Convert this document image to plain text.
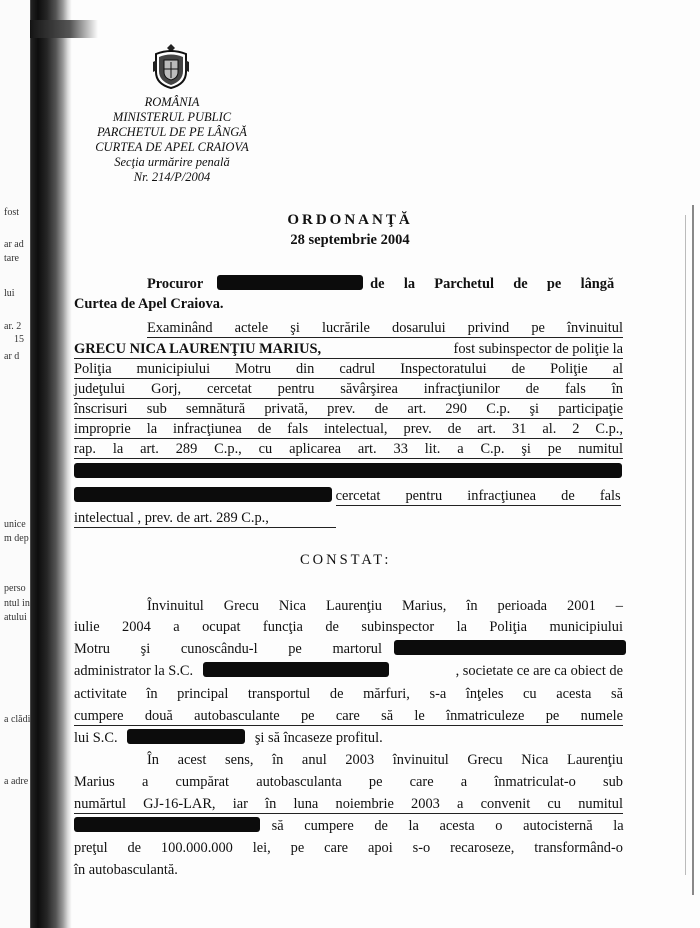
fost
ar ad
tare
lui
ar. 2
15
ar d
unice
m dep
perso
ntul in
atului
a clădi
a adre
ROMÂNIA
MINISTERUL PUBLIC
PARCHETUL DE PE LÂNGĂ
CURTEA DE APEL CRAIOVA
Secţia urmărire penală
Nr. 214/P/2004
ORDONANŢĂ
28 septembrie 2004
Procuror	de la Parchetul de pe lângă
Curtea de Apel Craiova.
Examinând actele şi lucrările dosarului privind pe învinuitul
GRECU NICA LAURENŢIU MARIUS,	fost subinspector de poliţie la
Poliţia municipiului Motru din cadrul Inspectoratului de Poliţie al
judeţului Gorj, cercetat pentru săvârşirea infracţiunilor de fals în
înscrisuri sub semnătură privată, prev. de art. 290 C.p. şi participaţie
improprie la infracţiunea de fals intelectual, prev. de art. 31 al. 2 C.p.,
rap. la art. 289 C.p., cu aplicarea art. 33 lit. a C.p. şi pe numitul
cercetat pentru infracţiunea de fals
intelectual , prev. de art. 289 C.p.,
CONSTAT:
Învinuitul Grecu Nica Laurenţiu Marius, în perioada 2001 –
iulie 2004 a ocupat funcţia de subinspector la Poliţia municipiului
Motru şi cunoscându-l pe martorul
administrator la S.C.	, societate ce are ca obiect de
activitate în principal transportul de mărfuri, s-a înţeles cu acesta să
cumpere două autobasculante pe care să le înmatriculeze pe numele
lui S.C.	şi să încaseze profitul.
În acest sens, în anul 2003 învinuitul Grecu Nica Laurenţiu
Marius a cumpărat autobasculanta pe care a înmatriculat-o sub
numărtul GJ-16-LAR, iar în luna noiembrie 2003 a convenit cu numitul
să cumpere de la acesta o autocisternă la
preţul de 100.000.000 lei, pe care apoi s-o recaroseze, transformând-o
în autobasculantă.
